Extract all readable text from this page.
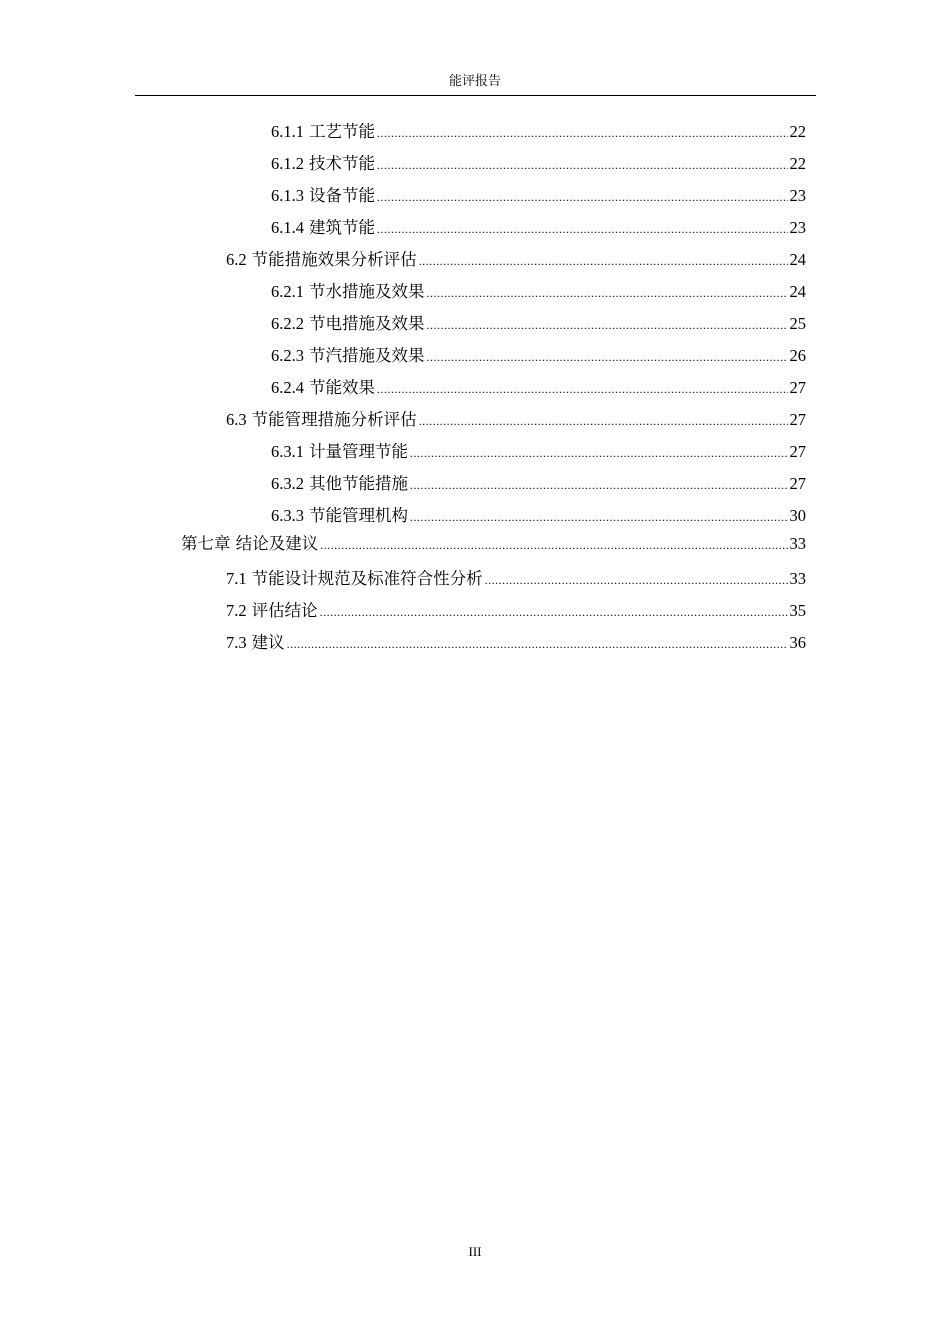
能评报告
6.1.1 工艺节能 .....	22
6.1.2 技术节能 .....	22
6.1.3 设备节能 .....	23
6.1.4 建筑节能 .....	23
6.2 节能措施效果分析评估 .....	24
6.2.1 节水措施及效果 .....	24
6.2.2 节电措施及效果 .....	25
6.2.3 节汽措施及效果 .....	26
6.2.4 节能效果 .....	27
6.3 节能管理措施分析评估 .....	27
6.3.1 计量管理节能 .....	27
6.3.2 其他节能措施 .....	27
6.3.3 节能管理机构 .....	30
第七章 结论及建议 .....	33
7.1 节能设计规范及标准符合性分析 .....	33
7.2 评估结论 .....	35
7.3 建议 .....	36
III
